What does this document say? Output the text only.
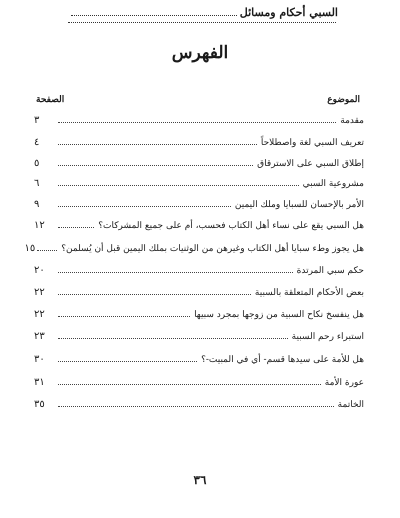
السبي أحكام ومسائل
الفهرس
الموضوع
الصفحة
مقدمة
٣
تعريف السبي لغة واصطلاحاً
٤
إطلاق السبي على الاسترقاق
٥
مشروعية السبي
٦
الأمر بالإحسان للسبايا وملك اليمين
٩
هل السبي يقع على نساء أهل الكتاب فحسب، أم على جميع المشركات؟
١٢
هل يجوز وطء سبايا أهل الكتاب وغيرهن من الوثنيات بملك اليمين قبل أن يُسلمن؟
١٥
حكم سبي المرتدة
٢٠
بعض الأحكام المتعلقة بالسبية
٢٢
هل ينفسخ نكاح السبية من زوجها بمجرد سبيها
٢٢
استبراء رحم السبية
٢٣
هل للأمة على سيدها قسم- أي في المبيت-؟
٣٠
عورة الأمة
٣١
الخاتمة
٣٥
٣٦
